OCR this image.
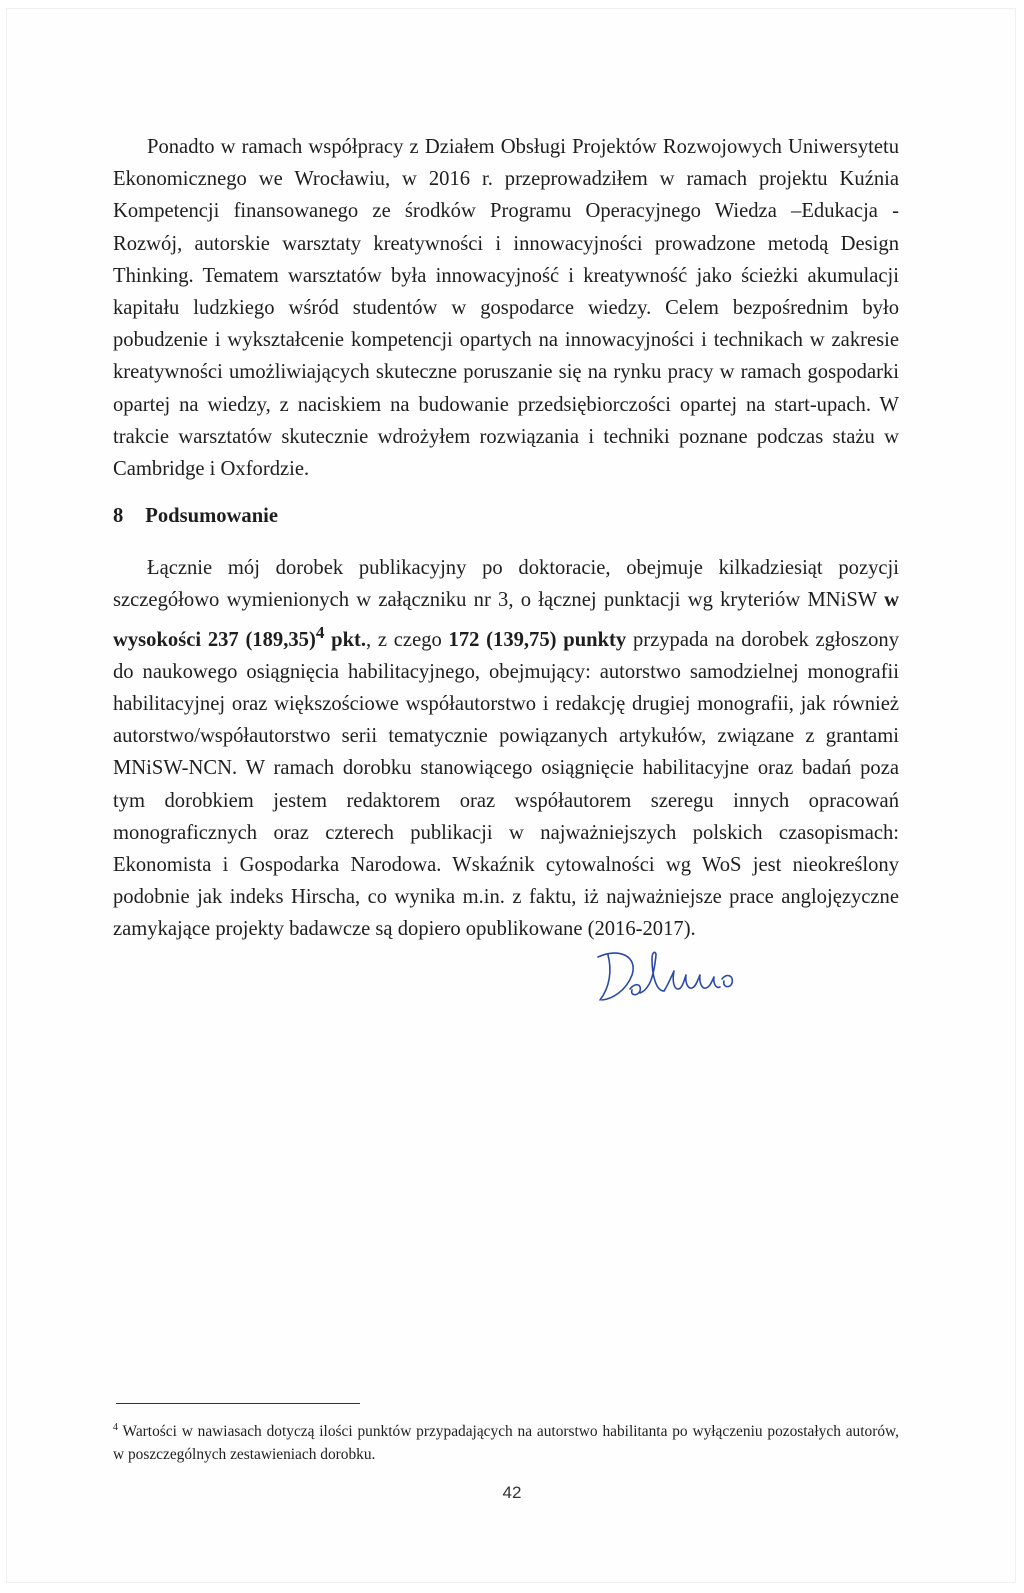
Ponadto w ramach współpracy z Działem Obsługi Projektów Rozwojowych Uniwersytetu Ekonomicznego we Wrocławiu, w 2016 r. przeprowadziłem w ramach projektu Kuźnia Kompetencji finansowanego ze środków Programu Operacyjnego Wiedza –Edukacja - Rozwój, autorskie warsztaty kreatywności i innowacyjności prowadzone metodą Design Thinking. Tematem warsztatów była innowacyjność i kreatywność jako ścieżki akumulacji kapitału ludzkiego wśród studentów w gospodarce wiedzy. Celem bezpośrednim było pobudzenie i wykształcenie kompetencji opartych na innowacyjności i technikach w zakresie kreatywności umożliwiających skuteczne poruszanie się na rynku pracy w ramach gospodarki opartej na wiedzy, z naciskiem na budowanie przedsiębiorczości opartej na start-upach. W trakcie warsztatów skutecznie wdrożyłem rozwiązania i techniki poznane podczas stażu w Cambridge i Oxfordzie.

8 Podsumowanie

Łącznie mój dorobek publikacyjny po doktoracie, obejmuje kilkadziesiąt pozycji szczegółowo wymienionych w załączniku nr 3, o łącznej punktacji wg kryteriów MNiSW w wysokości 237 $(189,35)^4$ pkt., z czego 172 (139,75) punkty przypada na dorobek zgłoszony do naukowego osiągnięcia habilitacyjnego, obejmujący: autorstwo samodzielnej monografii habilitacyjnej oraz większościowe współautorstwo i redakcję drugiej monografii, jak również autorstwo/współautorstwo serii tematycznie powiązanych artykułów, związane z grantami MNiSW-NCN. W ramach dorobku stanowiącego osiągnięcie habilitacyjne oraz badań poza tym dorobkiem jestem redaktorem oraz współautorem szeregu innych opracowań monograficznych oraz czterech publikacji w najważniejszych polskich czasopismach: Ekonomista i Gospodarka Narodowa. Wskaźnik cytowalności wg WoS jest nieokreślony podobnie jak indeks Hirscha, co wynika m.in. z faktu, iż najważniejsze prace anglojęzyczne zamykające projekty badawcze są dopiero opublikowane (2016-2017).

$^4$ Wartości w nawiasach dotyczą ilości punktów przypadających na autorstwo habilitanta po wyłączeniu pozostałych autorów, w poszczególnych zestawieniach dorobku.
42
